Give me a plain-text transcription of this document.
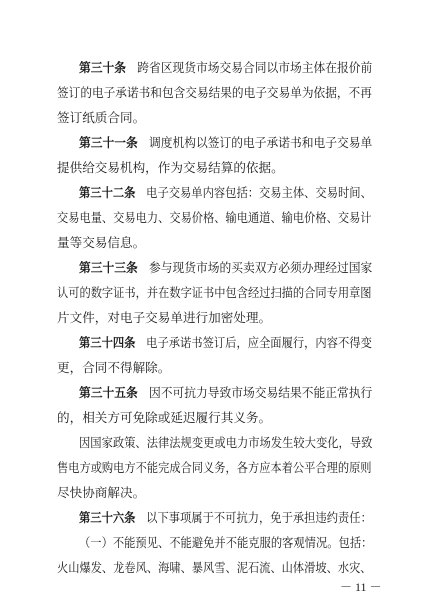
第三十条 跨省区现货市场交易合同以市场主体在报价前
签订的电子承诺书和包含交易结果的电子交易单为依据，不再
签订纸质合同。
第三十一条 调度机构以签订的电子承诺书和电子交易单
提供给交易机构，作为交易结算的依据。
第三十二条 电子交易单内容包括：交易主体、交易时间、
交易电量、交易电力、交易价格、输电通道、输电价格、交易计
量等交易信息。
第三十三条 参与现货市场的买卖双方必须办理经过国家
认可的数字证书，并在数字证书中包含经过扫描的合同专用章图
片文件，对电子交易单进行加密处理。
第三十四条 电子承诺书签订后，应全面履行，内容不得变
更，合同不得解除。
第三十五条 因不可抗力导致市场交易结果不能正常执行
的，相关方可免除或延迟履行其义务。
因国家政策、法律法规变更或电力市场发生较大变化，导致
售电方或购电方不能完成合同义务，各方应本着公平合理的原则
尽快协商解决。
第三十六条 以下事项属于不可抗力，免于承担违约责任：
（一）不能预见、不能避免并不能克服的客观情况。包括：
火山爆发、龙卷风、海啸、暴风雪、泥石流、山体滑坡、水灾、
－ 11 －
